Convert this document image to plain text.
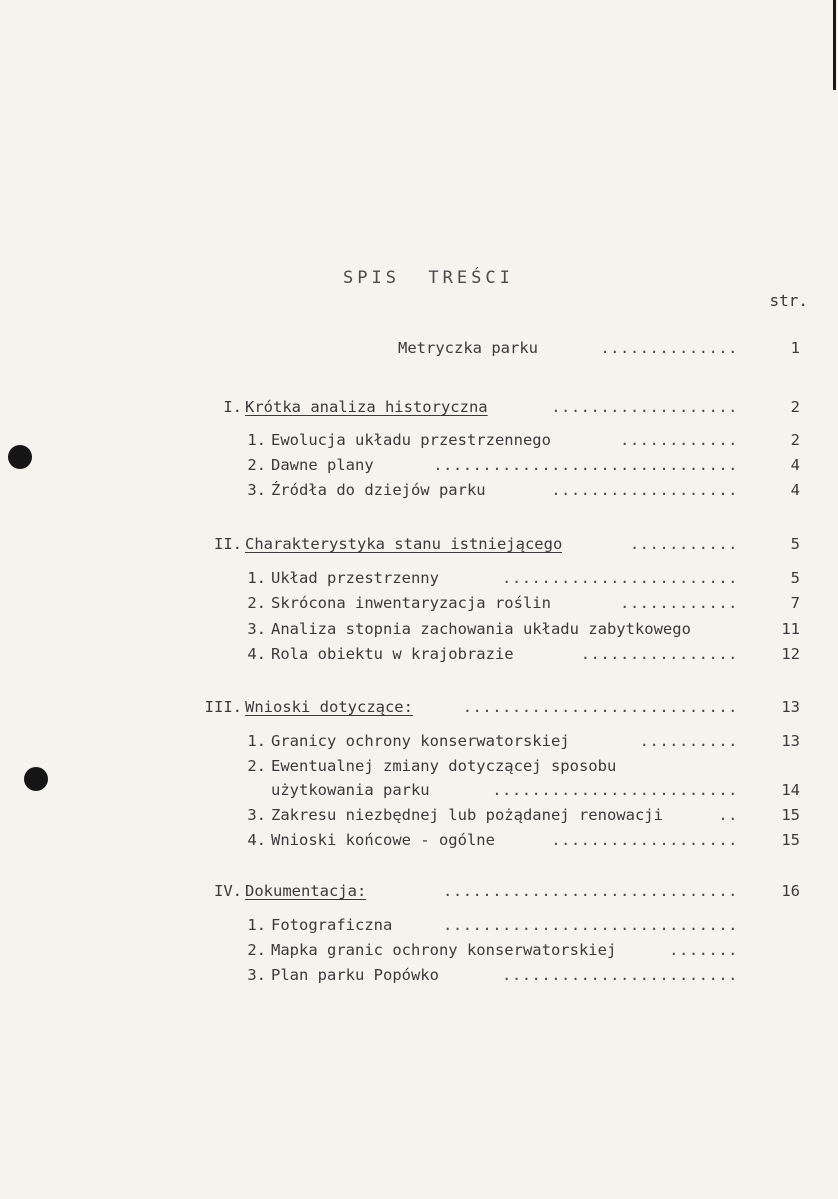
SPIS  TREŚCI
str.
Metryczka parku	..............	1
I. Krótka analiza historyczna	...................	2
1. Ewolucja układu przestrzennego	............	2
2. Dawne plany	...............................	4
3. Źródła do dziejów parku	...................	4
II. Charakterystyka stanu istniejącego	...........	5
1. Układ przestrzenny	........................	5
2. Skrócona inwentaryzacja roślin	............	7
3. Analiza stopnia zachowania układu zabytkowego	11
4. Rola obiektu w krajobrazie	................	12
III. Wnioski dotyczące:	............................	13
1. Granicy ochrony konserwatorskiej	..........	13
2. Ewentualnej zmiany dotyczącej sposobu
użytkowania parku	.........................	14
3. Zakresu niezbędnej lub pożądanej renowacji	..	15
4. Wnioski końcowe - ogólne	...................	15
IV. Dokumentacja:	..............................	16
1. Fotograficzna	..............................
2. Mapka granic ochrony konserwatorskiej	.......
3. Plan parku Popówko	........................
